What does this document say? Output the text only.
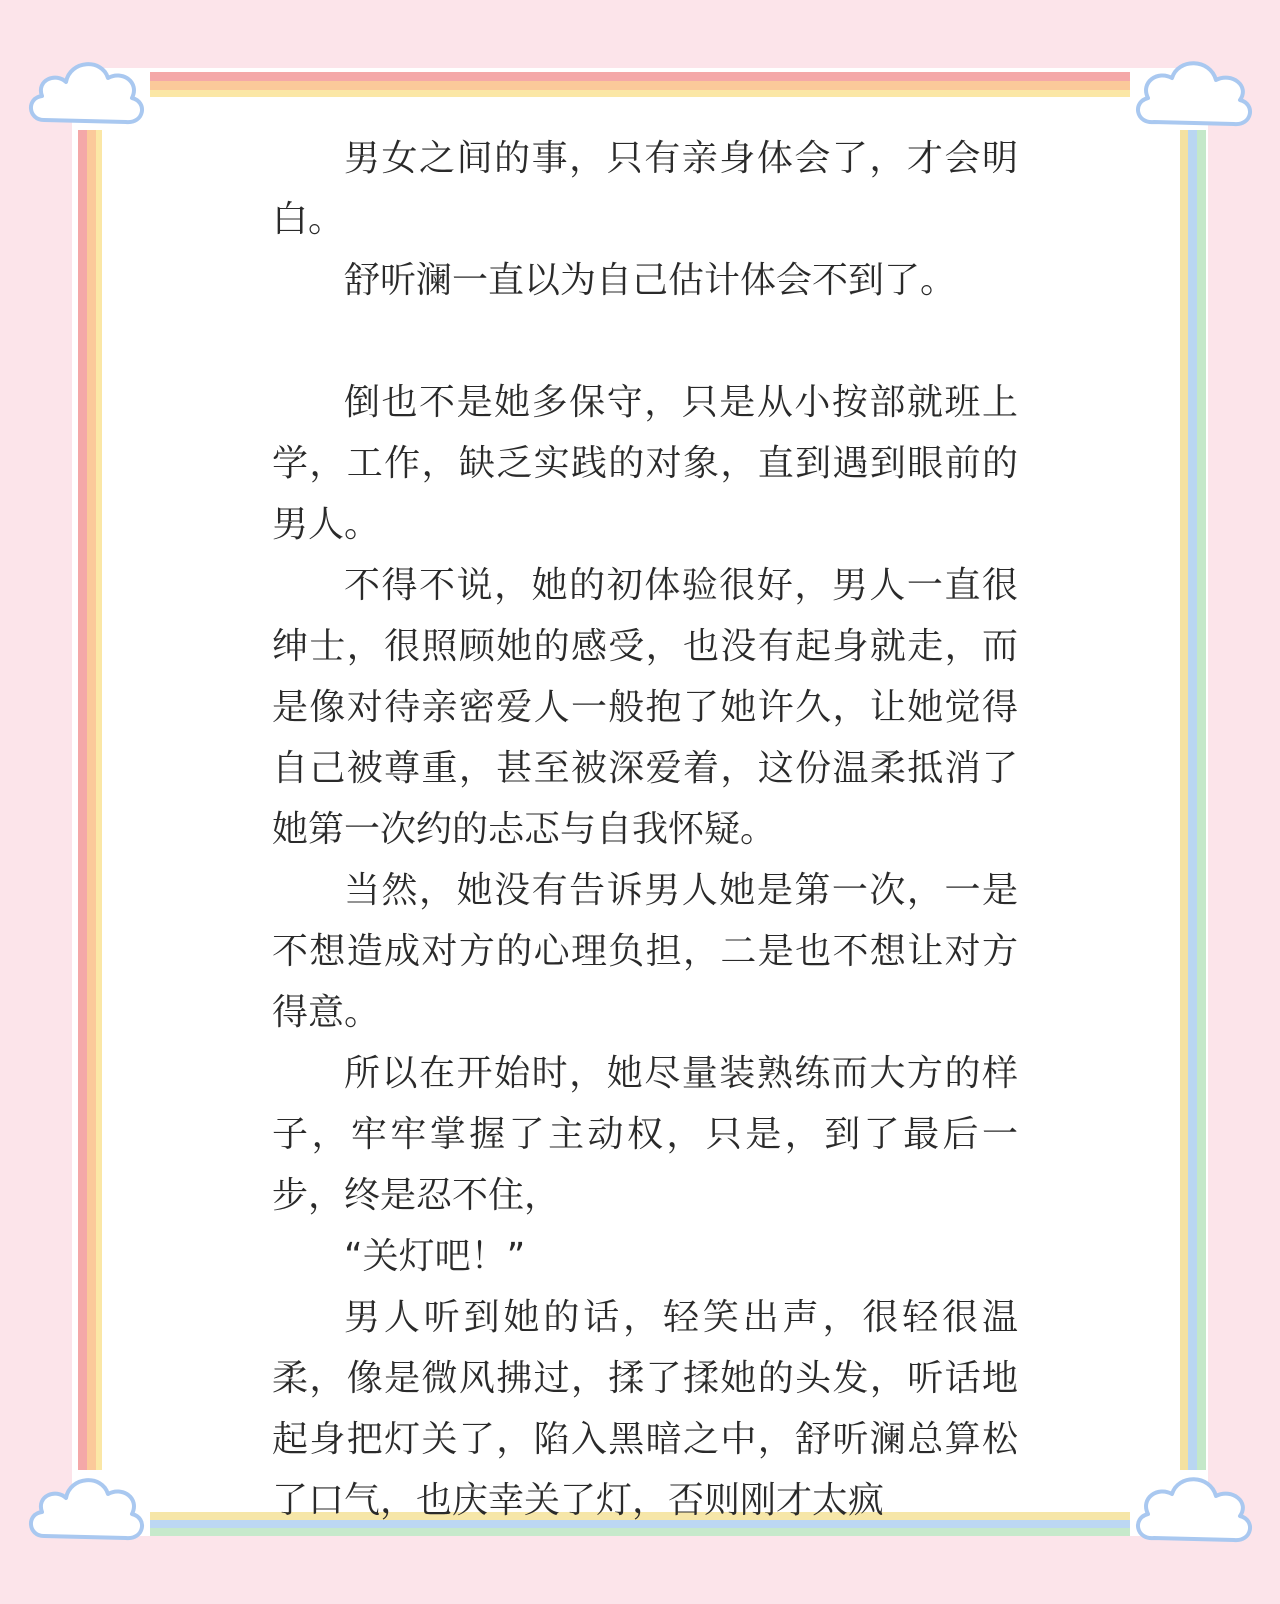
男女之间的事，只有亲身体会了，才会明白。

舒听澜一直以为自己估计体会不到了。

倒也不是她多保守，只是从小按部就班上学，工作，缺乏实践的对象，直到遇到眼前的男人。

不得不说，她的初体验很好，男人一直很绅士，很照顾她的感受，也没有起身就走，而是像对待亲密爱人一般抱了她许久，让她觉得自己被尊重，甚至被深爱着，这份温柔抵消了她第一次约的忐忑与自我怀疑。

当然，她没有告诉男人她是第一次，一是不想造成对方的心理负担，二是也不想让对方得意。

所以在开始时，她尽量装熟练而大方的样子，牢牢掌握了主动权，只是，到了最后一步，终是忍不住，

“关灯吧！”

男人听到她的话，轻笑出声，很轻很温柔，像是微风拂过，揉了揉她的头发，听话地起身把灯关了，陷入黑暗之中，舒听澜总算松了口气，也庆幸关了灯，否则刚才太疯
